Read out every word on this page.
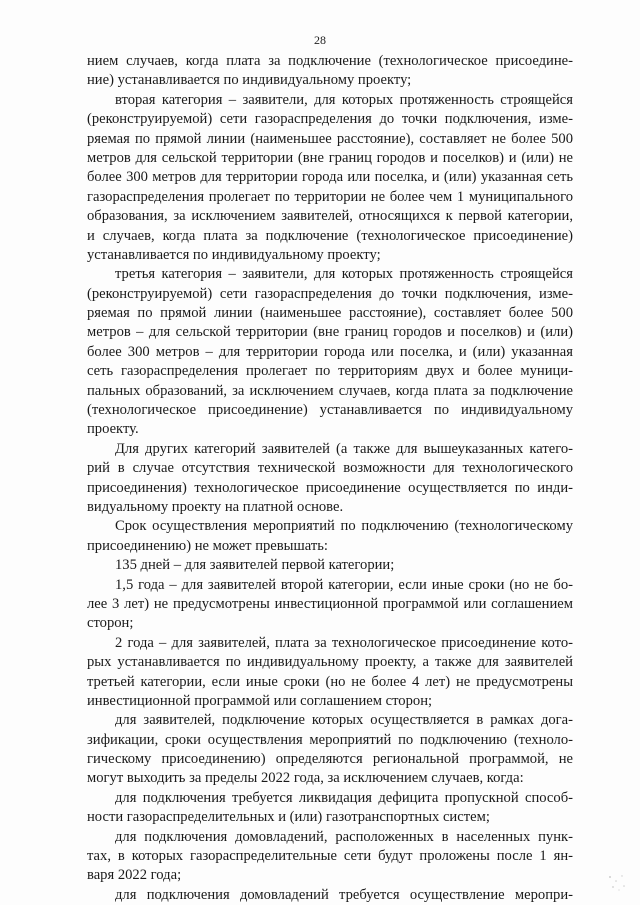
28
нием случаев, когда плата за подключение (технологическое присоедине-
ние) устанавливается по индивидуальному проекту;
вторая категория – заявители, для которых протяженность строящейся
(реконструируемой) сети газораспределения до точки подключения, изме-
ряемая по прямой линии (наименьшее расстояние), составляет не более 500
метров для сельской территории (вне границ городов и поселков) и (или) не
более 300 метров для территории города или поселка, и (или) указанная сеть
газораспределения пролегает по территории не более чем 1 муниципального
образования, за исключением заявителей, относящихся к первой категории,
и случаев, когда плата за подключение (технологическое присоединение)
устанавливается по индивидуальному проекту;
третья категория – заявители, для которых протяженность строящейся
(реконструируемой) сети газораспределения до точки подключения, изме-
ряемая по прямой линии (наименьшее расстояние), составляет более 500
метров – для сельской территории (вне границ городов и поселков) и (или)
более 300 метров – для территории города или поселка, и (или) указанная
сеть газораспределения пролегает по территориям двух и более муници-
пальных образований, за исключением случаев, когда плата за подключение
(технологическое присоединение) устанавливается по индивидуальному
проекту.
Для других категорий заявителей (а также для вышеуказанных катего-
рий в случае отсутствия технической возможности для технологического
присоединения) технологическое присоединение осуществляется по инди-
видуальному проекту на платной основе.
Срок осуществления мероприятий по подключению (технологическому
присоединению) не может превышать:
135 дней – для заявителей первой категории;
1,5 года – для заявителей второй категории, если иные сроки (но не бо-
лее 3 лет) не предусмотрены инвестиционной программой или соглашением
сторон;
2 года – для заявителей, плата за технологическое присоединение кото-
рых устанавливается по индивидуальному проекту, а также для заявителей
третьей категории, если иные сроки (но не более 4 лет) не предусмотрены
инвестиционной программой или соглашением сторон;
для заявителей, подключение которых осуществляется в рамках дога-
зификации, сроки осуществления мероприятий по подключению (техноло-
гическому присоединению) определяются региональной программой, не
могут выходить за пределы 2022 года, за исключением случаев, когда:
для подключения требуется ликвидация дефицита пропускной способ-
ности газораспределительных и (или) газотранспортных систем;
для подключения домовладений, расположенных в населенных пунк-
тах, в которых газораспределительные сети будут проложены после 1 ян-
варя 2022 года;
для подключения домовладений требуется осуществление меропри-
